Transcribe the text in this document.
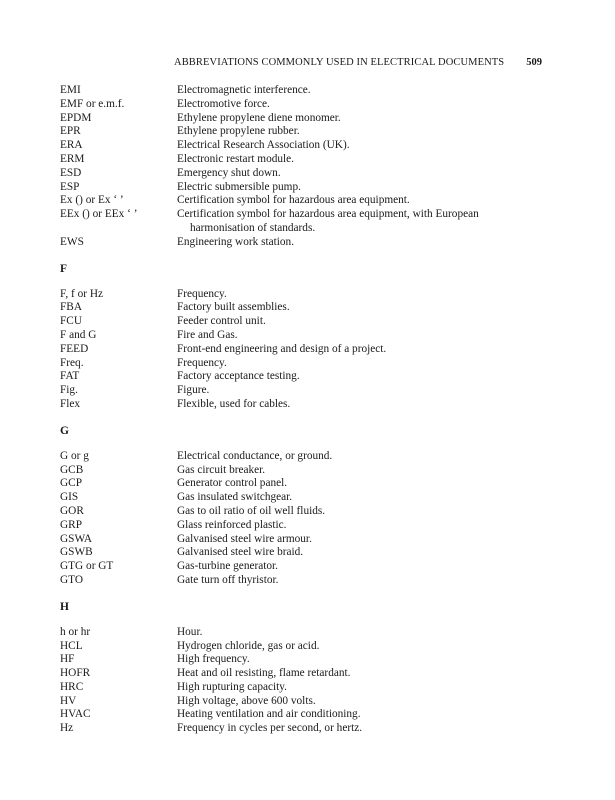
ABBREVIATIONS COMMONLY USED IN ELECTRICAL DOCUMENTS 509
EMI	Electromagnetic interference.
EMF or e.m.f.	Electromotive force.
EPDM	Ethylene propylene diene monomer.
EPR	Ethylene propylene rubber.
ERA	Electrical Research Association (UK).
ERM	Electronic restart module.
ESD	Emergency shut down.
ESP	Electric submersible pump.
Ex () or Ex ‘ ’	Certification symbol for hazardous area equipment.
EEx () or EEx ‘ ’	Certification symbol for hazardous area equipment, with European
harmonisation of standards.
EWS	Engineering work station.
F
F, f or Hz	Frequency.
FBA	Factory built assemblies.
FCU	Feeder control unit.
F and G	Fire and Gas.
FEED	Front-end engineering and design of a project.
Freq.	Frequency.
FAT	Factory acceptance testing.
Fig.	Figure.
Flex	Flexible, used for cables.
G
G or g	Electrical conductance, or ground.
GCB	Gas circuit breaker.
GCP	Generator control panel.
GIS	Gas insulated switchgear.
GOR	Gas to oil ratio of oil well fluids.
GRP	Glass reinforced plastic.
GSWA	Galvanised steel wire armour.
GSWB	Galvanised steel wire braid.
GTG or GT	Gas-turbine generator.
GTO	Gate turn off thyristor.
H
h or hr	Hour.
HCL	Hydrogen chloride, gas or acid.
HF	High frequency.
HOFR	Heat and oil resisting, flame retardant.
HRC	High rupturing capacity.
HV	High voltage, above 600 volts.
HVAC	Heating ventilation and air conditioning.
Hz	Frequency in cycles per second, or hertz.
